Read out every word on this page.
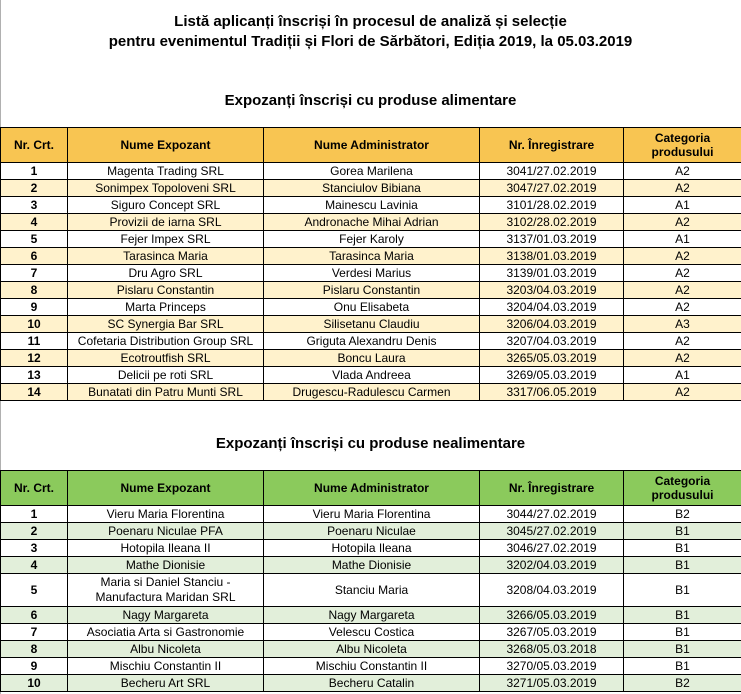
Listă aplicanți înscriși în procesul de analiză și selecție
pentru evenimentul Tradiții și Flori de Sărbători, Ediția 2019, la 05.03.2019
Expozanți înscriși cu produse alimentare
Nr. Crt.	Nume Expozant	Nume Administrator	Nr. Înregistrare	Categoria
produsului
1	Magenta Trading SRL	Gorea Marilena	3041/27.02.2019	A2
2	Sonimpex Topoloveni SRL	Stanciulov Bibiana	3047/27.02.2019	A2
3	Siguro Concept SRL	Mainescu Lavinia	3101/28.02.2019	A1
4	Provizii de iarna SRL	Andronache Mihai Adrian	3102/28.02.2019	A2
5	Fejer Impex SRL	Fejer Karoly	3137/01.03.2019	A1
6	Tarasinca Maria	Tarasinca Maria	3138/01.03.2019	A2
7	Dru Agro SRL	Verdesi Marius	3139/01.03.2019	A2
8	Pislaru Constantin	Pislaru Constantin	3203/04.03.2019	A2
9	Marta Princeps	Onu Elisabeta	3204/04.03.2019	A2
10	SC Synergia Bar SRL	Silisetanu Claudiu	3206/04.03.2019	A3
11	Cofetaria Distribution Group SRL	Griguta Alexandru Denis	3207/04.03.2019	A2
12	Ecotroutfish SRL	Boncu Laura	3265/05.03.2019	A2
13	Delicii pe roti SRL	Vlada Andreea	3269/05.03.2019	A1
14	Bunatati din Patru Munti SRL	Drugescu-Radulescu Carmen	3317/06.05.2019	A2
Expozanți înscriși cu produse nealimentare
Nr. Crt.	Nume Expozant	Nume Administrator	Nr. Înregistrare	Categoria
produsului
1	Vieru Maria Florentina	Vieru Maria Florentina	3044/27.02.2019	B2
2	Poenaru Niculae PFA	Poenaru Niculae	3045/27.02.2019	B1
3	Hotopila Ileana II	Hotopila Ileana	3046/27.02.2019	B1
4	Mathe Dionisie	Mathe Dionisie	3202/04.03.2019	B1
5	Maria si Daniel Stanciu - Manufactura Maridan SRL	Stanciu Maria	3208/04.03.2019	B1
6	Nagy Margareta	Nagy Margareta	3266/05.03.2019	B1
7	Asociatia Arta si Gastronomie	Velescu Costica	3267/05.03.2019	B1
8	Albu Nicoleta	Albu Nicoleta	3268/05.03.2018	B1
9	Mischiu Constantin II	Mischiu Constantin II	3270/05.03.2019	B1
10	Becheru Art SRL	Becheru Catalin	3271/05.03.2019	B2
